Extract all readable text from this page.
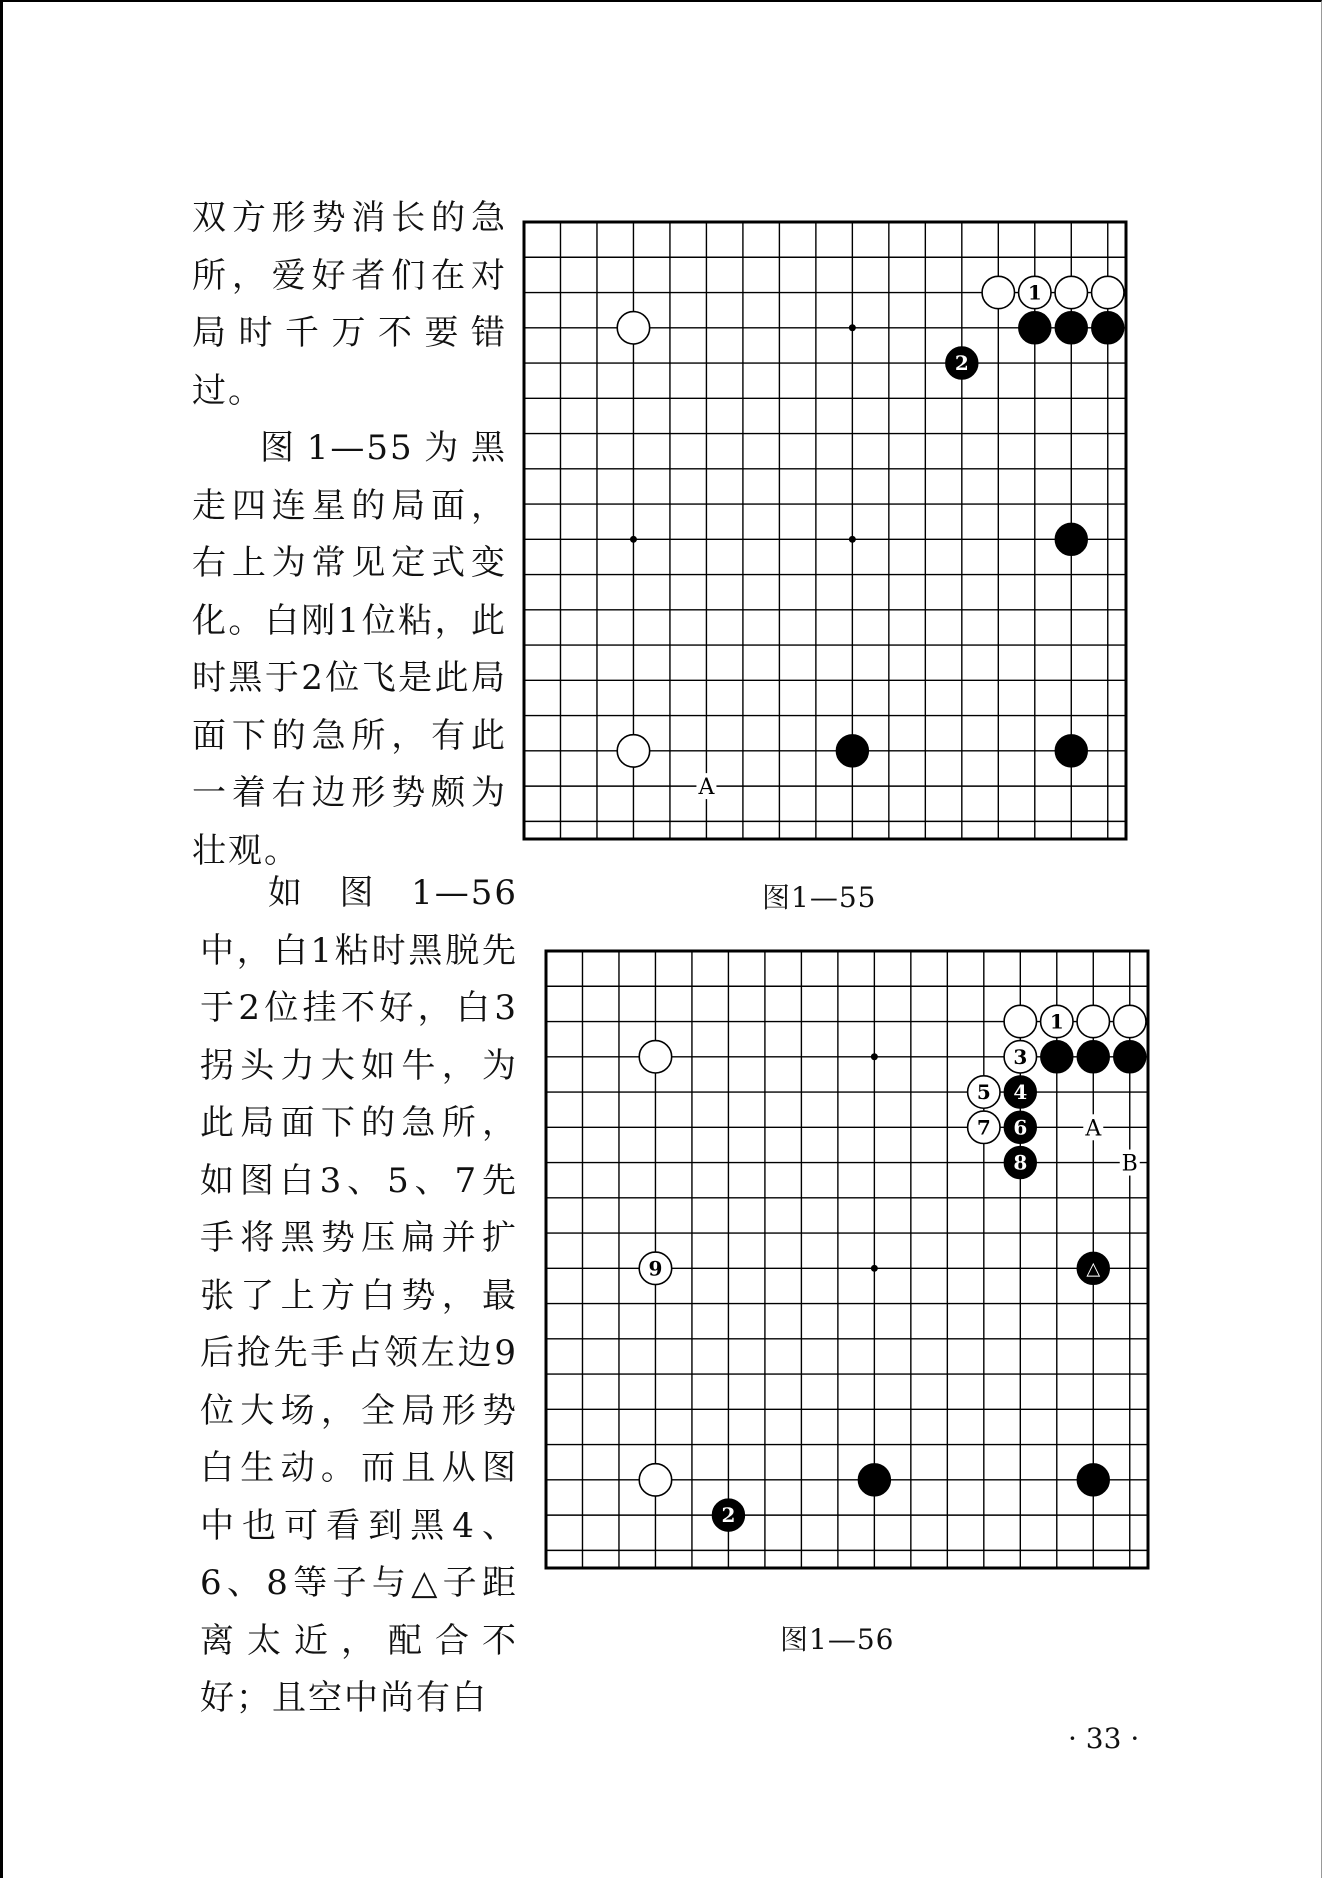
双方形势消长的急所，爱好者们在对局时千万不要错过。

图1—55为黑走四连星的局面，右上为常见定式变化。白刚1位粘，此时黑于2位飞是此局面下的急所，有此一着右边形势颇为壮观。

如图1—56中，白1粘时黑脱先于2位挂不好，白3拐头力大如牛，为此局面下的急所，如图白3、5、7先手将黑势压扁并扩张了上方白势，最后抢先手占领左边9位大场，全局形势白生动。而且从图中也可看到黑4、6、8等子与△子距离太近，配合不好；且空中尚有白

A
1
2
图1—55
A
B
1
3
5 4
7 6
8
9	△
2
图1—56
· 33 ·
